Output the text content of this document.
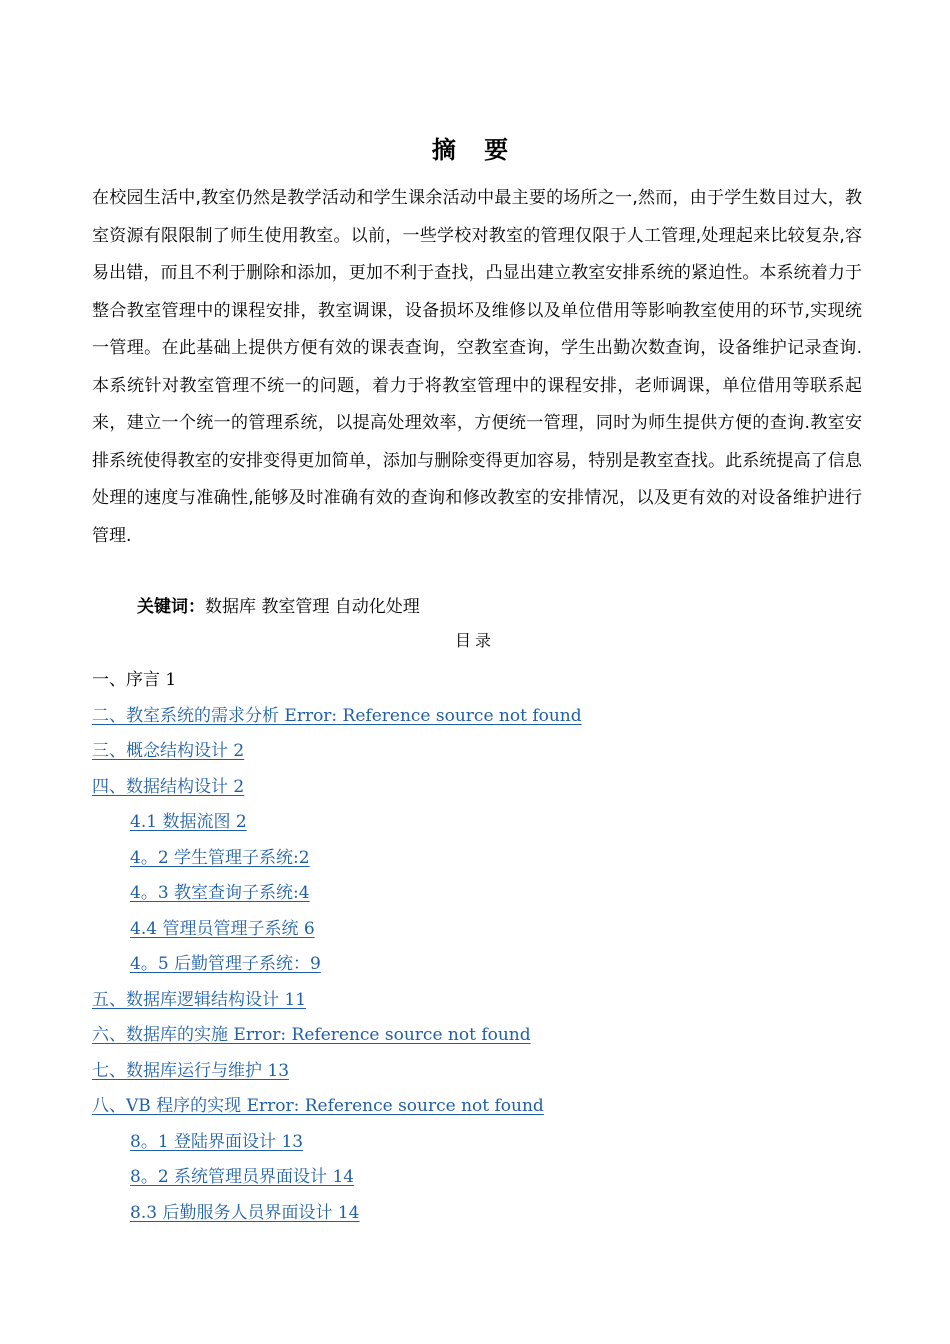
摘 要

在校园生活中,教室仍然是教学活动和学生课余活动中最主要的场所之一,然而，由于学生数目过大，教室资源有限限制了师生使用教室。以前，一些学校对教室的管理仅限于人工管理,处理起来比较复杂,容易出错，而且不利于删除和添加，更加不利于查找，凸显出建立教室安排系统的紧迫性。本系统着力于整合教室管理中的课程安排，教室调课，设备损坏及维修以及单位借用等影响教室使用的环节,实现统一管理。在此基础上提供方便有效的课表查询，空教室查询，学生出勤次数查询，设备维护记录查询.本系统针对教室管理不统一的问题，着力于将教室管理中的课程安排，老师调课，单位借用等联系起来，建立一个统一的管理系统，以提高处理效率，方便统一管理，同时为师生提供方便的查询.教室安排系统使得教室的安排变得更加简单，添加与删除变得更加容易，特别是教室查找。此系统提高了信息处理的速度与准确性,能够及时准确有效的查询和修改教室的安排情况，以及更有效的对设备维护进行管理.

关键词：数据库 教室管理 自动化处理
目录
一、序言 1
二、教室系统的需求分析 Error: Reference source not found
三、概念结构设计 2
四、数据结构设计 2
4.1 数据流图 2
4。2 学生管理子系统:2
4。3 教室查询子系统:4
4.4 管理员管理子系统 6
4。5 后勤管理子系统：9
五、数据库逻辑结构设计 11
六、数据库的实施 Error: Reference source not found
七、数据库运行与维护 13
八、VB 程序的实现 Error: Reference source not found
8。1 登陆界面设计 13
8。2 系统管理员界面设计 14
8.3 后勤服务人员界面设计 14
